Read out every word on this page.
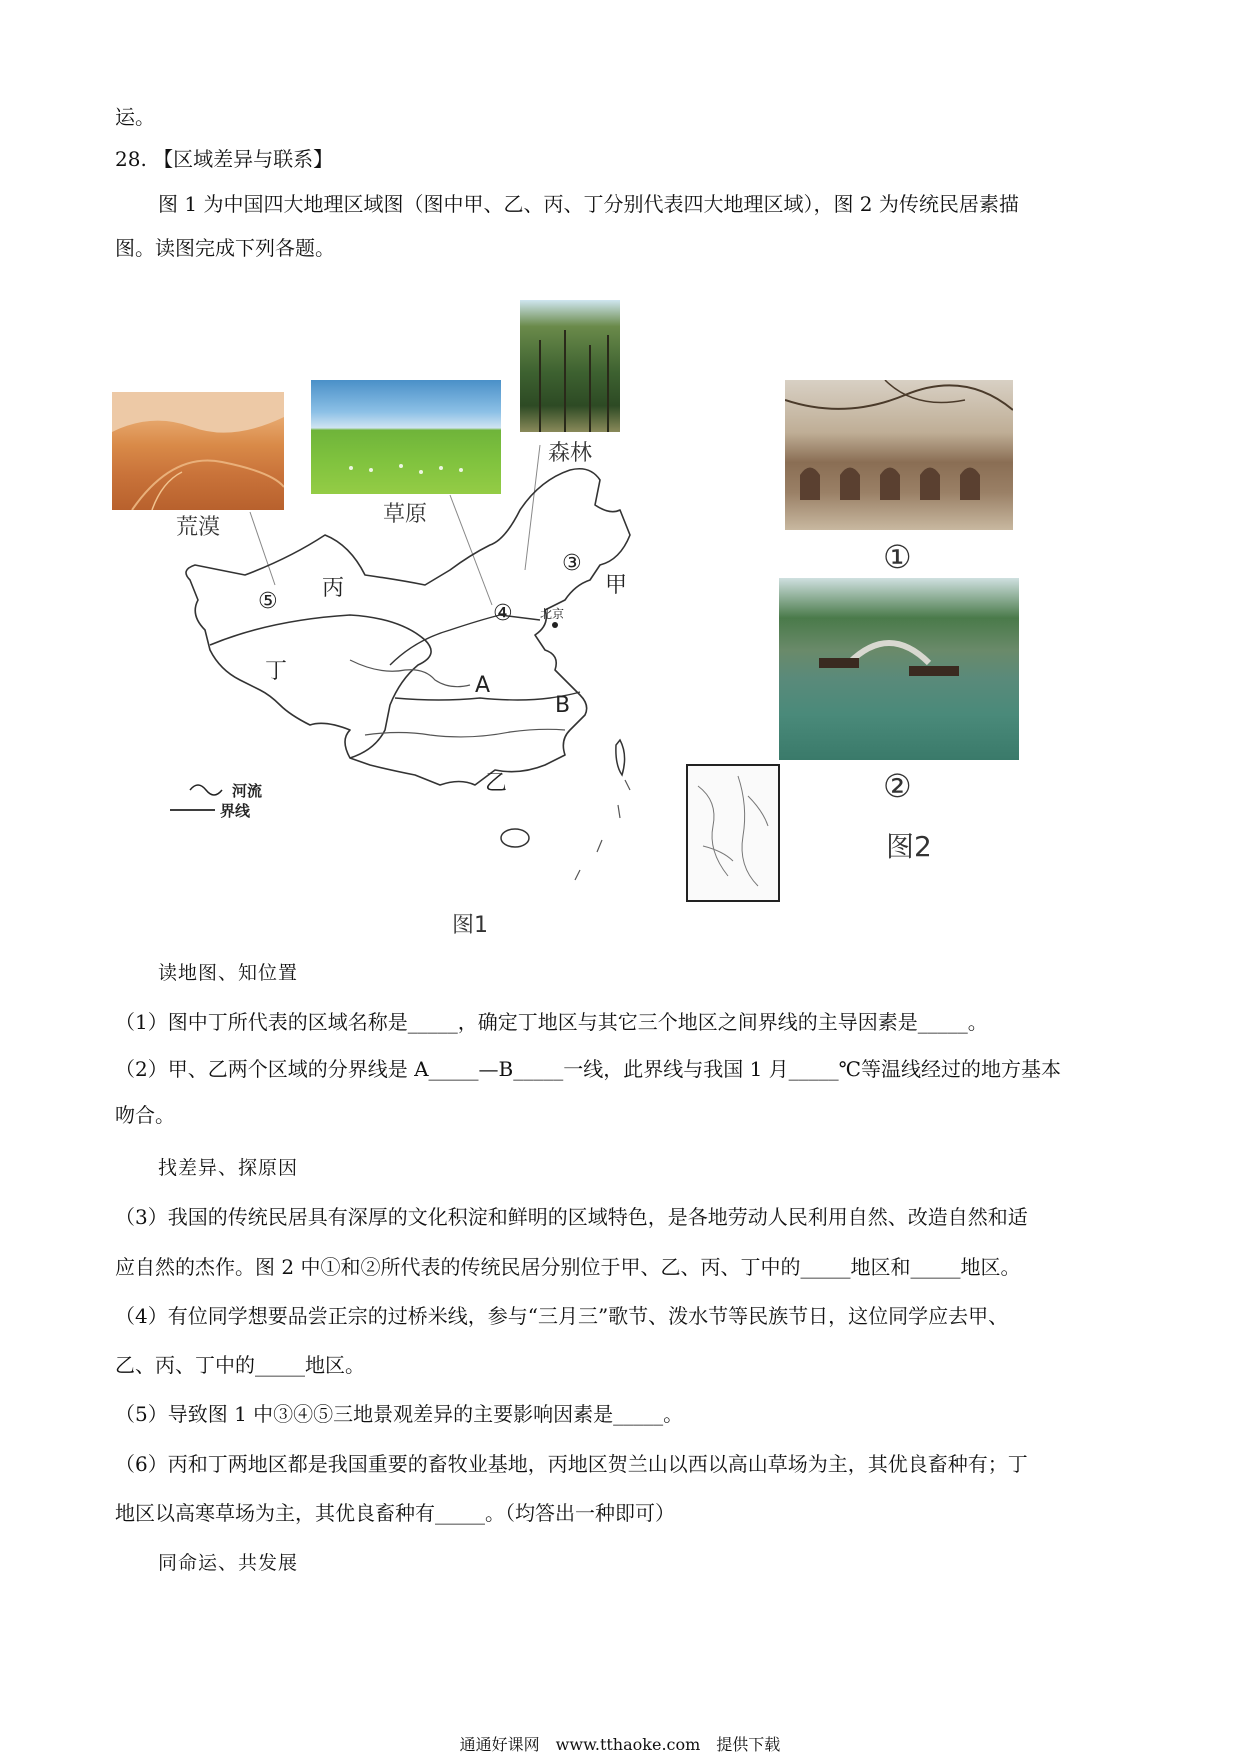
运。
28. 【区域差异与联系】
图 1 为中国四大地理区域图（图中甲、乙、丙、丁分别代表四大地理区域），图 2 为传统民居素描
图。读图完成下列各题。
荒漠
草原
森林
⑤	④
③
北京
甲
丙
丁
乙
A
B
河流
界线
图1
①
②
图2
读地图、知位置
（1）图中丁所代表的区域名称是_____，确定丁地区与其它三个地区之间界线的主导因素是_____。
（2）甲、乙两个区域的分界线是 A_____—B_____一线，此界线与我国 1 月_____℃等温线经过的地方基本
吻合。
找差异、探原因
（3）我国的传统民居具有深厚的文化积淀和鲜明的区域特色，是各地劳动人民利用自然、改造自然和适
应自然的杰作。图 2 中①和②所代表的传统民居分别位于甲、乙、丙、丁中的_____地区和_____地区。
（4）有位同学想要品尝正宗的过桥米线，参与“三月三”歌节、泼水节等民族节日，这位同学应去甲、
乙、丙、丁中的_____地区。
（5）导致图 1 中③④⑤三地景观差异的主要影响因素是_____。
（6）丙和丁两地区都是我国重要的畜牧业基地，丙地区贺兰山以西以高山草场为主，其优良畜种有；丁
地区以高寒草场为主，其优良畜种有_____。（均答出一种即可）
同命运、共发展
通通好课网　www.tthaoke.com　提供下载
